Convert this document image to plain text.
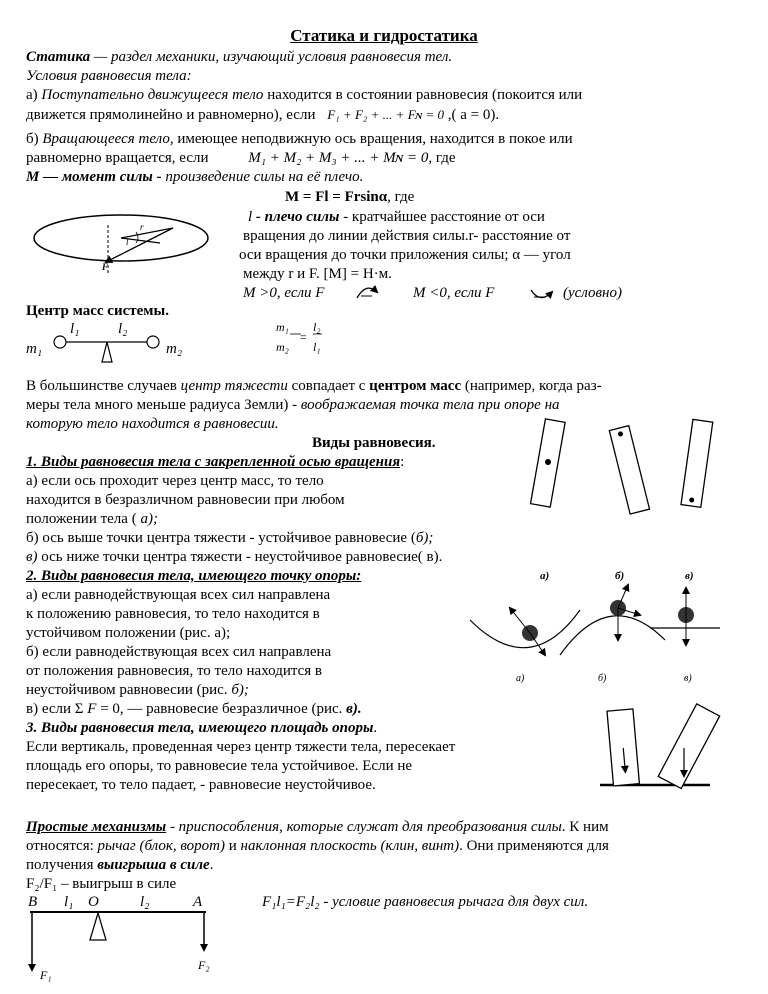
Статика и гидростатика
Статика — раздел механики, изучающий условия равновесия тел.
Условия равновесия тела:
а) Поступательно движущееся тело находится в состоянии равновесия (покоится или
движется прямолинейно и равномерно), если F₁ + F₂ + ... + Fɴ = 0 ,( a = 0).
б) Вращающееся тело, имеющее неподвижную ось вращения, находится в покое или
равномерно вращается, если	M₁ + M₂ + M₃ + ... + Mɴ = 0, где
M — момент силы - произведение силы на её плечо.
M = Fl = Frsinα, где
l - плечо силы - кратчайшее расстояние от оси
вращения до линии действия силы.r- расстояние от
оси вращения до точки приложения силы; α — угол
между r и F. [M] = Н·м.
M >0, если F	M <0, если F	(условно)
Центр масс системы.
l₁	l₂
m₁	m₂
m₁
m₂
=
l₂
l₁
В большинстве случаев центр тяжести совпадает с центром масс (например, когда раз-
меры тела много меньше радиуса Земли) - воображаемая точка тела при опоре на
которую тело находится в равновесии.
Виды равновесия.
1. Виды равновесия тела с закрепленной осью вращения:
а) если ось проходит через центр масс, то тело
находится в безразличном равновесии при любом
положении тела ( а);
б) ось выше точки центра тяжести - устойчивое равновесие (б);
в) ось ниже точки центра тяжести - неустойчивое равновесие( в).
а)	б)	в)
2. Виды равновесия тела, имеющего точку опоры:
а) если равнодействующая всех сил направлена
к положению равновесия, то тело находится в
устойчивом положении (рис. а);
б) если равнодействующая всех сил направлена
от положения равновесия, то тело находится в
неустойчивом равновесии (рис. б);
в) если Σ F = 0, — равновесие безразличное (рис. в).
а)	б)	в)
3. Виды равновесия тела, имеющего площадь опоры.
Если вертикаль, проведенная через центр тяжести тела, пересекает
площадь его опоры, то равновесие тела устойчивое. Если не
пересекает, то тело падает, - равновесие неустойчивое.
Простые механизмы - приспособления, которые служат для преобразования силы. К ним
относятся: рычаг (блок, ворот) и наклонная плоскость (клин, винт). Они применяются для
получения выигрыша в силе.
F₂/F₁ – выигрыш в силе
B l₁ O	l₂	A	F₁l₁=F₂l₂ - условие равновесия рычага для двух сил.
F₁
F₂
r
l
F
